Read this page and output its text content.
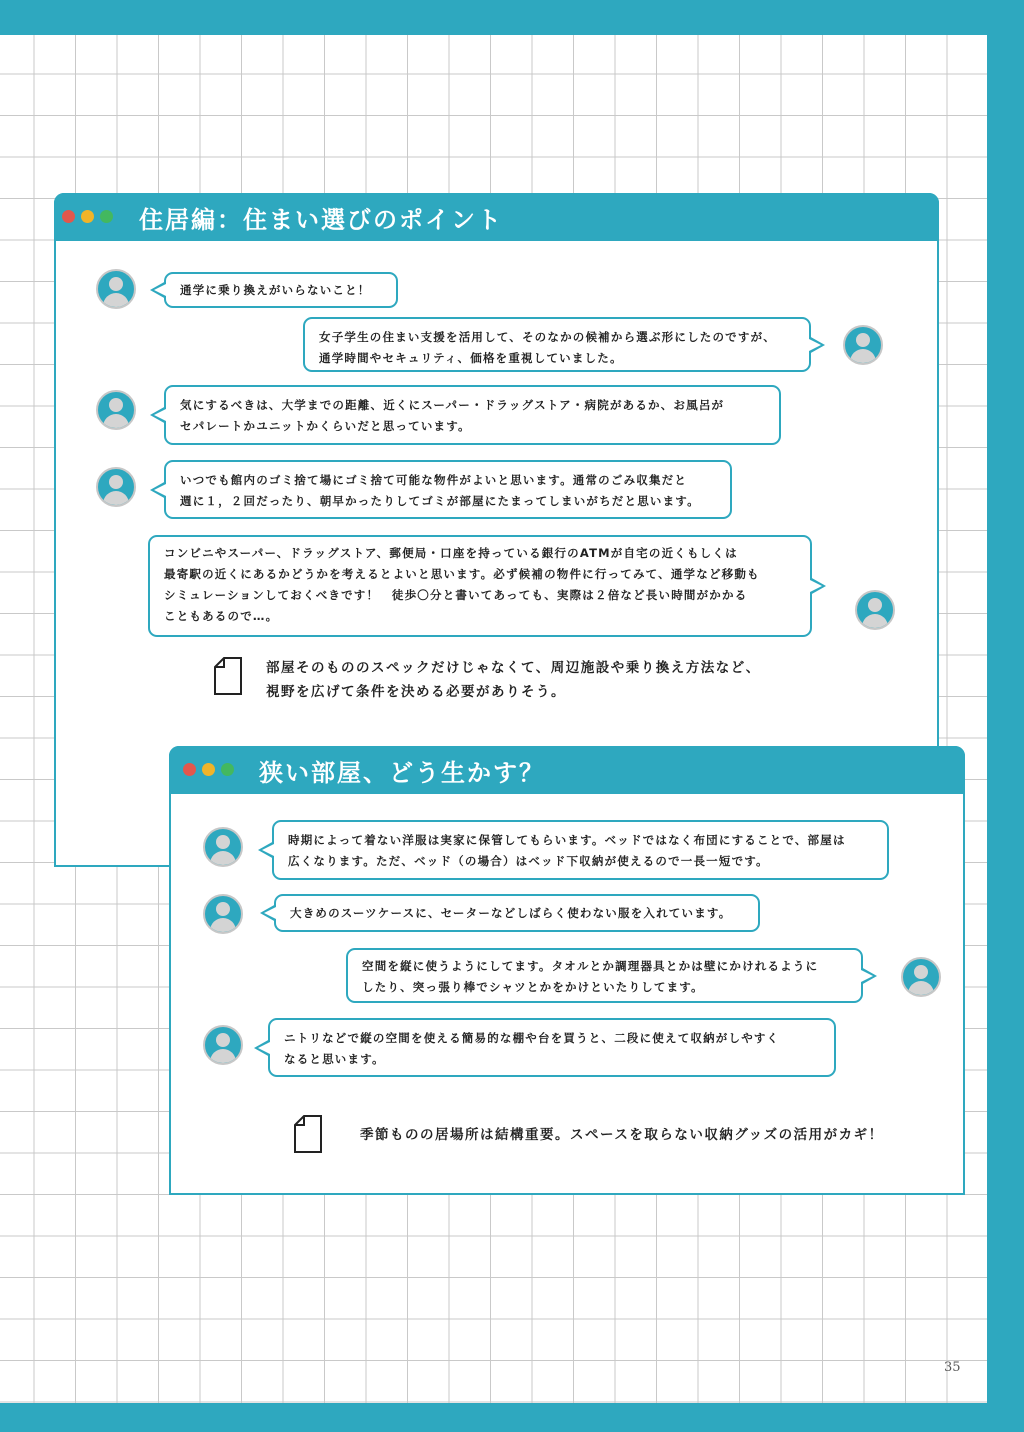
住居編：住まい選びのポイント
通学に乗り換えがいらないこと！
女子学生の住まい支援を活用して、そのなかの候補から選ぶ形にしたのですが、
通学時間やセキュリティ、価格を重視していました。
気にするべきは、大学までの距離、近くにスーパー・ドラッグストア・病院があるか、お風呂が
セパレートかユニットかくらいだと思っています。
いつでも館内のゴミ捨て場にゴミ捨て可能な物件がよいと思います。通常のごみ収集だと
週に１，２回だったり、朝早かったりしてゴミが部屋にたまってしまいがちだと思います。
コンビニやスーパー、ドラッグストア、郵便局・口座を持っている銀行のATMが自宅の近くもしくは
最寄駅の近くにあるかどうかを考えるとよいと思います。必ず候補の物件に行ってみて、通学など移動も
シミュレーションしておくべきです！　徒歩〇分と書いてあっても、実際は２倍など長い時間がかかる
こともあるので…。
部屋そのもののスペックだけじゃなくて、周辺施設や乗り換え方法など、
視野を広げて条件を決める必要がありそう。
狭い部屋、どう生かす？
時期によって着ない洋服は実家に保管してもらいます。ベッドではなく布団にすることで、部屋は
広くなります。ただ、ベッド（の場合）はベッド下収納が使えるので一長一短です。
大きめのスーツケースに、セーターなどしばらく使わない服を入れています。
空間を縦に使うようにしてます。タオルとか調理器具とかは壁にかけれるように
したり、突っ張り棒でシャツとかをかけといたりしてます。
ニトリなどで縦の空間を使える簡易的な棚や台を買うと、二段に使えて収納がしやすく
なると思います。
季節ものの居場所は結構重要。スペースを取らない収納グッズの活用がカギ！
35
